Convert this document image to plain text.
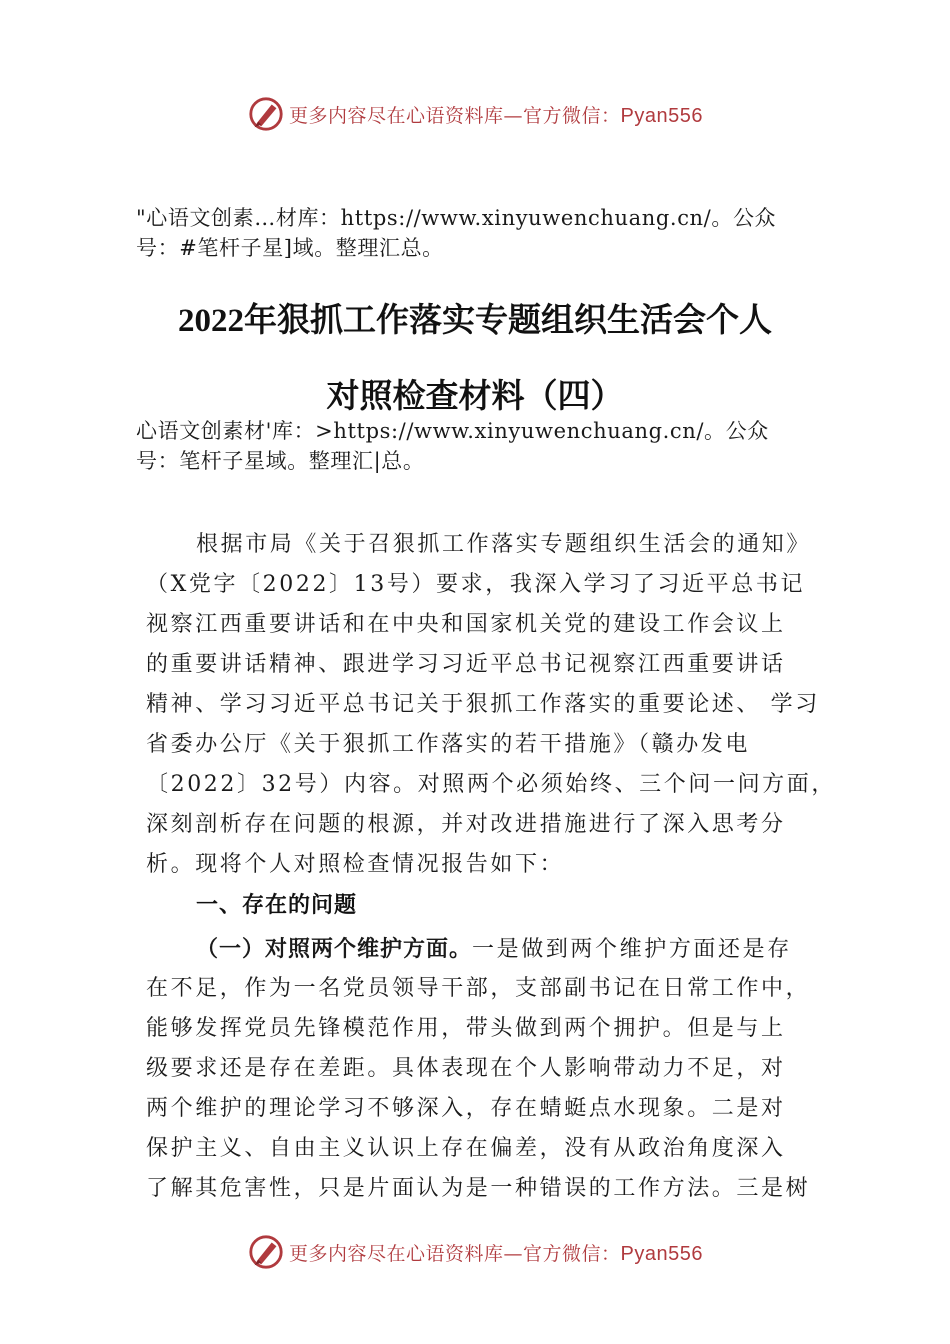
更多内容尽在心语资料库—官方微信：Pyan556
"心语文创素…材库：https://www.xinyuwenchuang.cn/。公众
号：#笔杆子星]域。整理汇总。
2022年狠抓工作落实专题组织生活会个人
对照检查材料（四）
心语文创素材'库：>https://www.xinyuwenchuang.cn/。公众
号：笔杆子星域。整理汇|总。
根据市局《关于召狠抓工作落实专题组织生活会的通知》
（X党字〔2022〕13号）要求，我深入学习了习近平总书记
视察江西重要讲话和在中央和国家机关党的建设工作会议上
的重要讲话精神、跟进学习习近平总书记视察江西重要讲话
精神、学习习近平总书记关于狠抓工作落实的重要论述、 学习
省委办公厅《关于狠抓工作落实的若干措施》（赣办发电
〔2022〕32号）内容。对照两个必须始终、三个问一问方面，
深刻剖析存在问题的根源，并对改进措施进行了深入思考分
析。现将个人对照检查情况报告如下：
一、存在的问题
（一）对照两个维护方面。一是做到两个维护方面还是存
在不足，作为一名党员领导干部，支部副书记在日常工作中，
能够发挥党员先锋模范作用，带头做到两个拥护。但是与上
级要求还是存在差距。具体表现在个人影响带动力不足，对
两个维护的理论学习不够深入，存在蜻蜓点水现象。二是对
保护主义、自由主义认识上存在偏差，没有从政治角度深入
了解其危害性，只是片面认为是一种错误的工作方法。三是树
更多内容尽在心语资料库—官方微信：Pyan556
